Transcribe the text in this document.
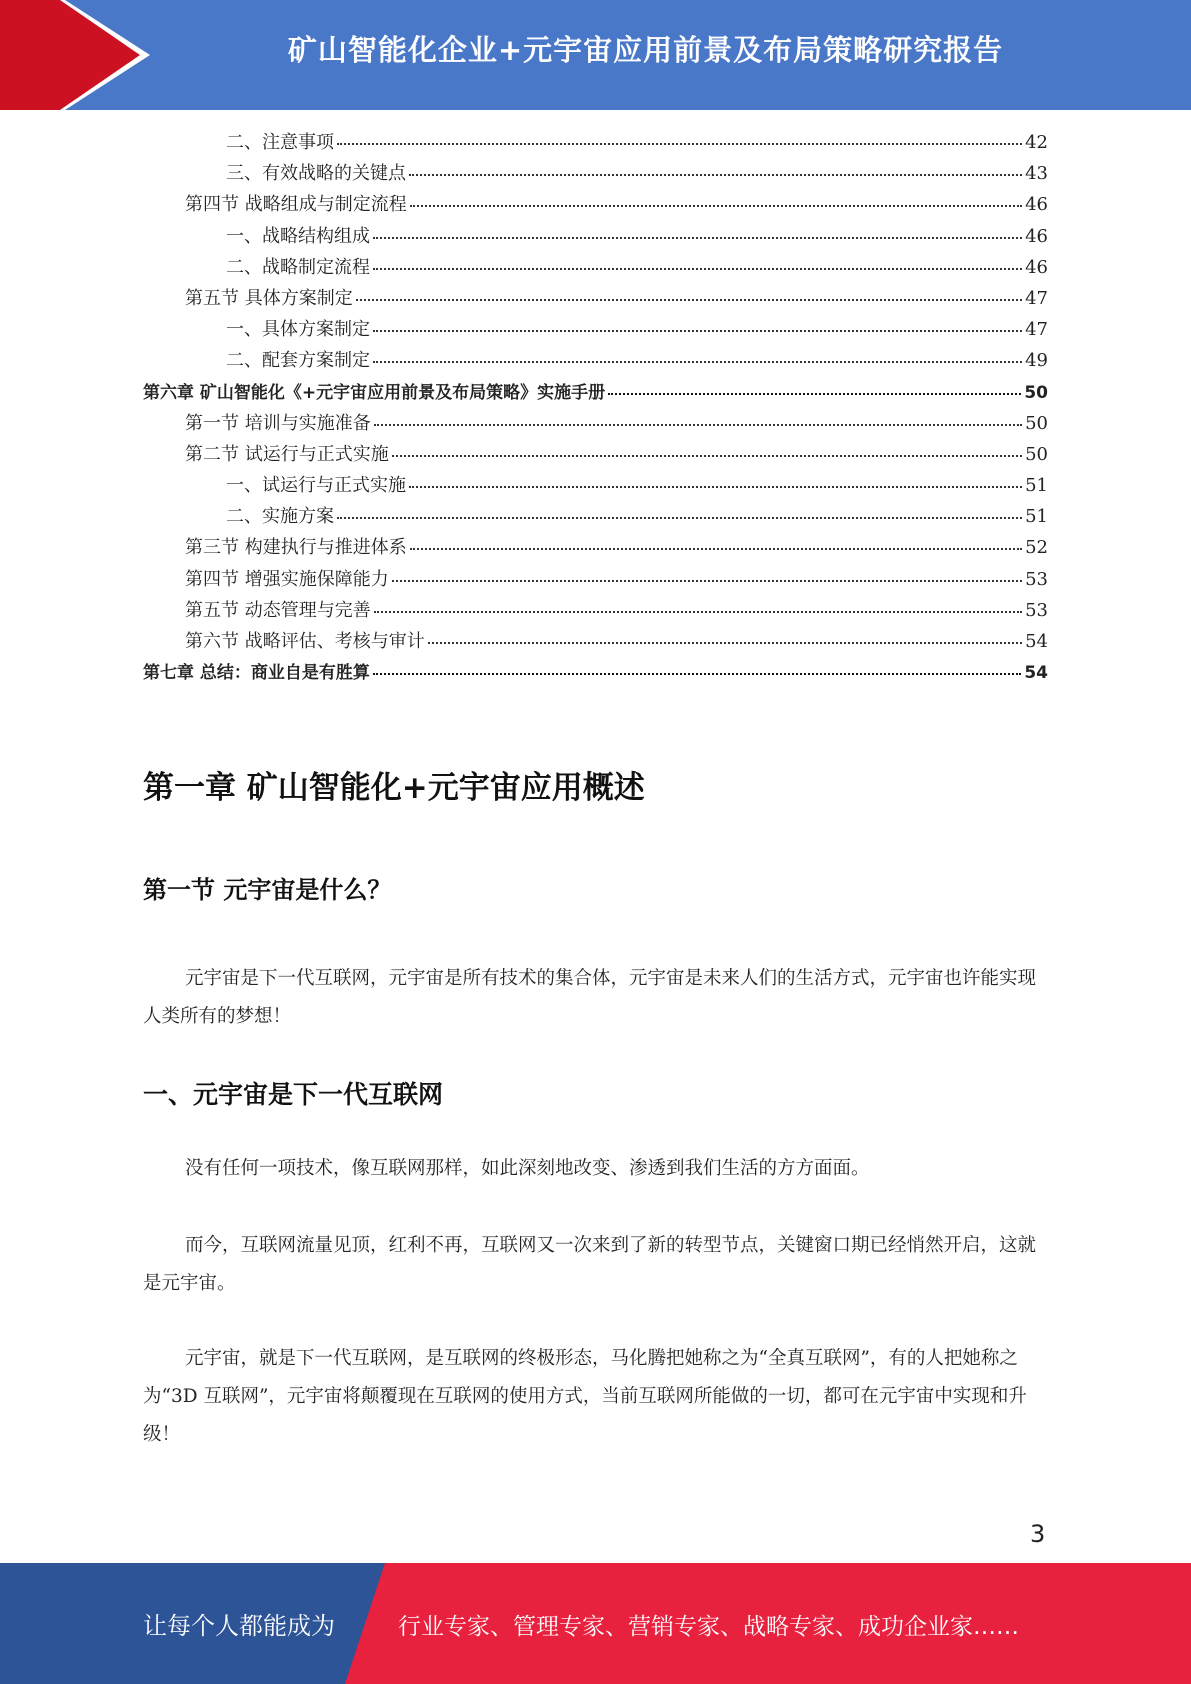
矿山智能化企业+元宇宙应用前景及布局策略研究报告
二、注意事项	42
三、有效战略的关键点	43
第四节 战略组成与制定流程	46
一、战略结构组成	46
二、战略制定流程	46
第五节 具体方案制定	47
一、具体方案制定	47
二、配套方案制定	49
第六章 矿山智能化《+元宇宙应用前景及布局策略》实施手册	50
第一节 培训与实施准备	50
第二节 试运行与正式实施	50
一、试运行与正式实施	51
二、实施方案	51
第三节 构建执行与推进体系	52
第四节 增强实施保障能力	53
第五节 动态管理与完善	53
第六节 战略评估、考核与审计	54
第七章 总结：商业自是有胜算	54
第一章 矿山智能化+元宇宙应用概述
第一节 元宇宙是什么？

元宇宙是下一代互联网，元宇宙是所有技术的集合体，元宇宙是未来人们的生活方式，元宇宙也许能实现人类所有的梦想！

一、元宇宙是下一代互联网

没有任何一项技术，像互联网那样，如此深刻地改变、渗透到我们生活的方方面面。

而今，互联网流量见顶，红利不再，互联网又一次来到了新的转型节点，关键窗口期已经悄然开启，这就是元宇宙。

元宇宙，就是下一代互联网，是互联网的终极形态，马化腾把她称之为“全真互联网”，有的人把她称之为“3D 互联网”，元宇宙将颠覆现在互联网的使用方式，当前互联网所能做的一切，都可在元宇宙中实现和升级！

3
让每个人都能成为	行业专家、管理专家、营销专家、战略专家、成功企业家……
